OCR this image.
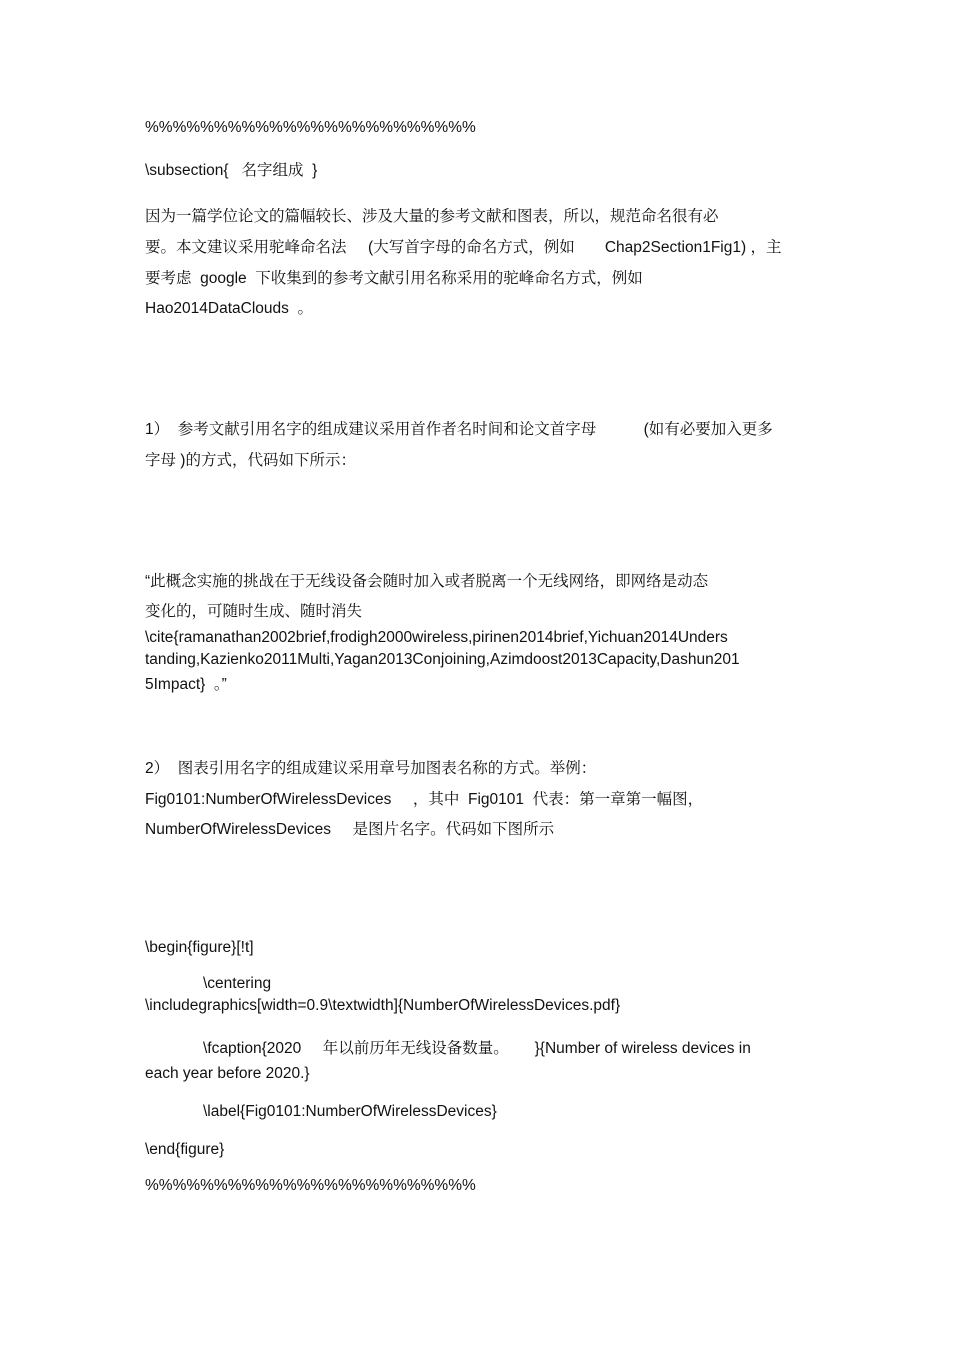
%%%%%%%%%%%%%%%%%%%%%%%%
\subsection{   名字组成  }
因为一篇学位论文的篇幅较长、涉及大量的参考文献和图表，所以，规范命名很有必
要。本文建议采用驼峰命名法     (大写首字母的命名方式，例如       Chap2Section1Fig1) ，主
要考虑  google  下收集到的参考文献引用名称采用的驼峰命名方式，例如
Hao2014DataClouds  。
1）  参考文献引用名字的组成建议采用首作者名时间和论文首字母           (如有必要加入更多
字母 )的方式，代码如下所示：
“此概念实施的挑战在于无线设备会随时加入或者脱离一个无线网络，即网络是动态
变化的，可随时生成、随时消失
\cite{ramanathan2002brief,frodigh2000wireless,pirinen2014brief,Yichuan2014Unders
tanding,Kazienko2011Multi,Yagan2013Conjoining,Azimdoost2013Capacity,Dashun201
5Impact}  。”
2）  图表引用名字的组成建议采用章号加图表名称的方式。举例：
Fig0101:NumberOfWirelessDevices     ，其中  Fig0101  代表：第一章第一幅图，
NumberOfWirelessDevices     是图片名字。代码如下图所示
\begin{figure}[!t]
\centering
\includegraphics[width=0.9\textwidth]{NumberOfWirelessDevices.pdf}
\fcaption{2020     年以前历年无线设备数量。      }{Number of wireless devices in
each year before 2020.}
\label{Fig0101:NumberOfWirelessDevices}
\end{figure}
%%%%%%%%%%%%%%%%%%%%%%%%
